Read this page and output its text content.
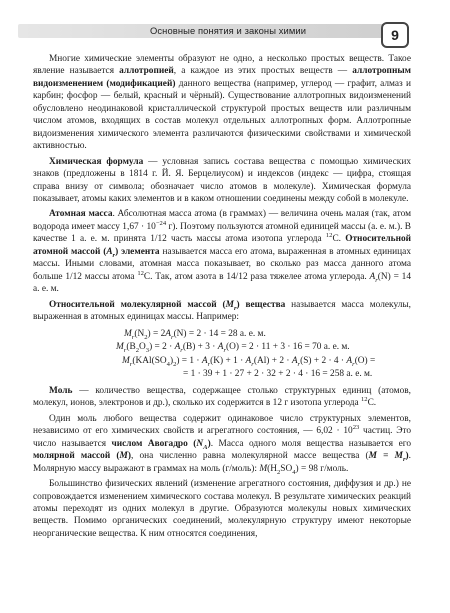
Основные понятия и законы химии	9

Многие химические элементы образуют не одно, а несколько простых веществ. Такое явление называется аллотропией, а каждое из этих простых веществ — аллотропным видоизменением (модификацией) данного вещества (например, углерод — графит, алмаз и карбин; фосфор — белый, красный и чёрный). Существование аллотропных видоизменений обусловлено неодинаковой кристаллической структурой простых веществ или различным числом атомов, входящих в состав молекул отдельных аллотропных форм. Аллотропные видоизменения химического элемента различаются физическими свойствами и химической активностью.

Химическая формула — условная запись состава вещества с помощью химических знаков (предложены в 1814 г. Й. Я. Берцелиусом) и индексов (индекс — цифра, стоящая справа внизу от символа; обозначает число атомов в молекуле). Химическая формула показывает, атомы каких элементов и в каком отношении соединены между собой в молекуле.

Атомная масса. Абсолютная масса атома (в граммах) — величина очень малая (так, атом водорода имеет массу $1,67 \cdot 10^{-24}$ г). Поэтому пользуются атомной единицей массы (а. е. м.). В качестве 1 а. е. м. принята 1/12 часть массы атома изотопа углерода $^{12}$С. Относительной атомной массой $(A_r)$ элемента называется масса его атома, выраженная в атомных единицах массы. Иными словами, атомная масса показывает, во сколько раз масса данного атома больше 1/12 массы атома $^{12}$С. Так, атом азота в 14/12 раза тяжелее атома углерода. $A_r(N) = 14$ а. е. м.

Относительной молекулярной массой $(M_r)$ вещества называется масса молекулы, выраженная в атомных единицах массы. Например:

$M_r(N_2) = 2A_r(N) = 2 \cdot 14 = 28$ а. е. м.

$M_r(B_2O_3) = 2 \cdot A_r(B) + 3 \cdot A_r(O) = 2 \cdot 11 + 3 \cdot 16 = 70$ а. е. м.

$M_r(KAl(SO_4)_2) = 1 \cdot A_r(K) + 1 \cdot A_r(Al) + 2 \cdot A_r(S) + 2 \cdot 4 \cdot A_r(O)$ =

= 1 · 39 + 1 · 27 + 2 · 32 + 2 · 4 · 16 = 258 а. е. м.

Моль — количество вещества, содержащее столько структурных единиц (атомов, молекул, ионов, электронов и др.), сколько их содержится в 12 г изотопа углерода $^{12}$С.

Один моль любого вещества содержит одинаковое число структурных элементов, независимо от его химических свойств и агрегатного состояния, — $6,02 \cdot 10^{23}$ частиц. Это число называется числом Авогадро $(N_A)$. Масса одного моля вещества называется его молярной массой (M), она численно равна молекулярной массе вещества $(M = M_r)$. Молярную массу выражают в граммах на моль (г/моль): $M(H_2SO_4) = 98$ г/моль.

Большинство физических явлений (изменение агрегатного состояния, диффузия и др.) не сопровождается изменением химического состава молекул. В результате химических реакций атомы переходят из одних молекул в другие. Образуются молекулы новых химических веществ. Помимо органических соединений, молекулярную структуру имеют некоторые неорганические вещества. К ним относятся соединения,
